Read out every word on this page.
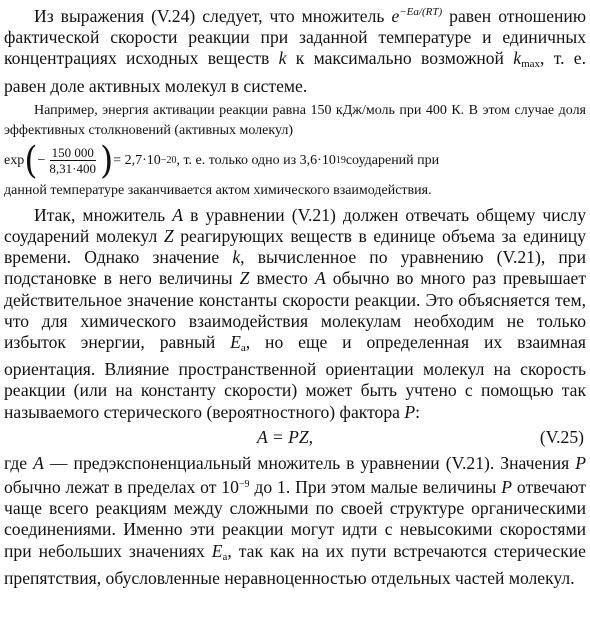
Из выражения (V.24) следует, что множитель $e^{-Ea/(RT)}$ равен отношению фактической скорости реакции при заданной температуре и единичных концентрациях исходных веществ k к максимально возможной $k_{max}$, т. е. равен доле активных молекул в системе.

Например, энергия активации реакции равна 150 кДж/моль при 400 К. В этом случае доля эффективных столкновений (активных молекул)

exp ( − $\frac{150 000}{8,31\cdot 400}$ ) = 2,7·10 −20 , т. е. только одно из 3,6·10 19 соударений при

данной температуре заканчивается актом химического взаимодействия.

Итак, множитель A в уравнении (V.21) должен отвечать общему числу соударений молекул Z реагирующих веществ в единице объема за единицу времени. Однако значение k, вычисленное по уравнению (V.21), при подстановке в него величины Z вместо A обычно во много раз превышает действительное значение константы скорости реакции. Это объясняется тем, что для химического взаимодействия молекулам необходим не только избыток энергии, равный $E_a$, но еще и определенная их взаимная ориентация. Влияние пространственной ориентации молекул на скорость реакции (или на константу скорости) может быть учтено с помощью так называемого стерического (вероятностного) фактора P:

A = PZ,	(V.25)

где A — предэкспоненциальный множитель в уравнении (V.21). Значения P обычно лежат в пределах от $10^{-9}$ до 1. При этом малые величины P отвечают чаще всего реакциям между сложными по своей структуре органическими соединениями. Именно эти реакции могут идти с невысокими скоростями при небольших значениях $E_a$, так как на их пути встречаются стерические препятствия, обусловленные неравноценностью отдельных частей молекул.
